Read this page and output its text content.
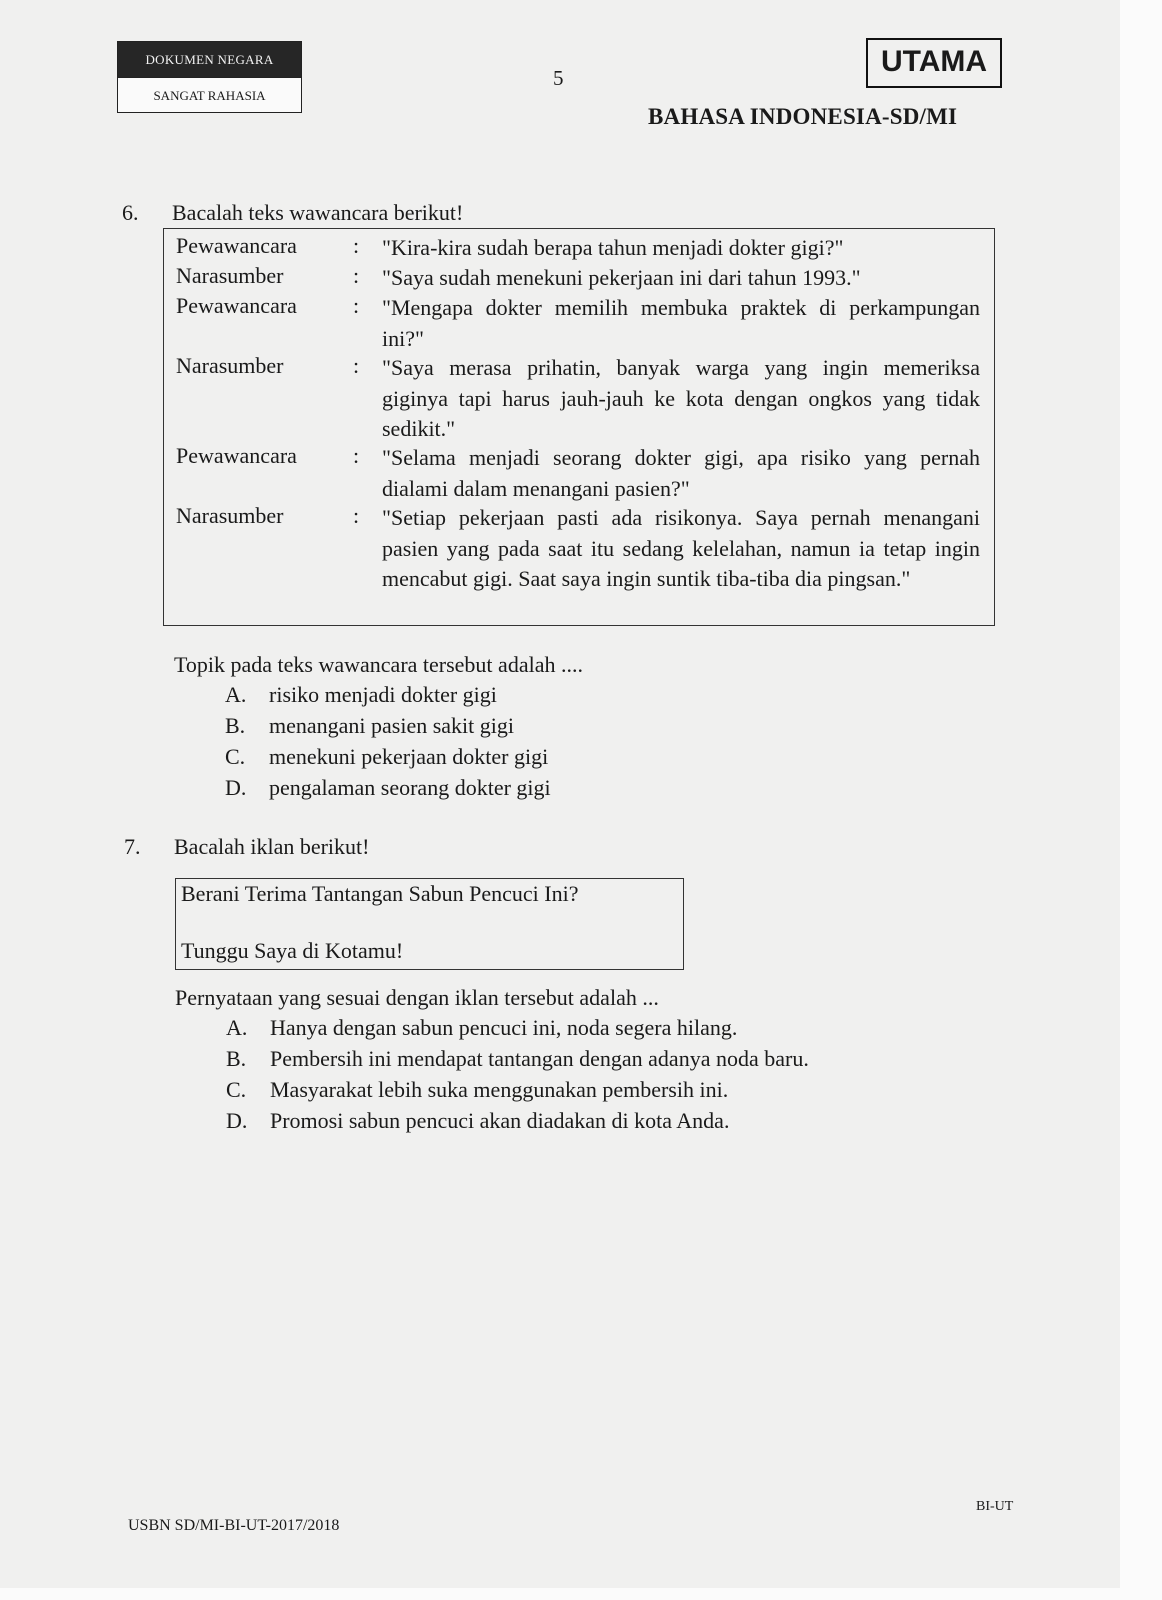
DOKUMEN NEGARA
SANGAT RAHASIA
5	UTAMA
BAHASA INDONESIA-SD/MI
6. Bacalah teks wawancara berikut!
Pewawancara	: "Kira-kira sudah berapa tahun menjadi dokter gigi?"
Narasumber	: "Saya sudah menekuni pekerjaan ini dari tahun 1993."
Pewawancara	: "Mengapa dokter memilih membuka praktek di perkampungan ini?"
Narasumber	: "Saya merasa prihatin, banyak warga yang ingin memeriksa giginya tapi harus jauh-jauh ke kota dengan ongkos yang tidak sedikit."
Pewawancara	: "Selama menjadi seorang dokter gigi, apa risiko yang pernah dialami dalam menangani pasien?"
Narasumber	: "Setiap pekerjaan pasti ada risikonya. Saya pernah menangani pasien yang pada saat itu sedang kelelahan, namun ia tetap ingin mencabut gigi. Saat saya ingin suntik tiba-tiba dia pingsan."
Topik pada teks wawancara tersebut adalah ....
A. risiko menjadi dokter gigi
B. menangani pasien sakit gigi
C. menekuni pekerjaan dokter gigi
D. pengalaman seorang dokter gigi
7. Bacalah iklan berikut!
Berani Terima Tantangan Sabun Pencuci Ini?
Tunggu Saya di Kotamu!
Pernyataan yang sesuai dengan iklan tersebut adalah ...
A. Hanya dengan sabun pencuci ini, noda segera hilang.
B. Pembersih ini mendapat tantangan dengan adanya noda baru.
C. Masyarakat lebih suka menggunakan pembersih ini.
D. Promosi sabun pencuci akan diadakan di kota Anda.
USBN SD/MI-BI-UT-2017/2018
BI-UT
